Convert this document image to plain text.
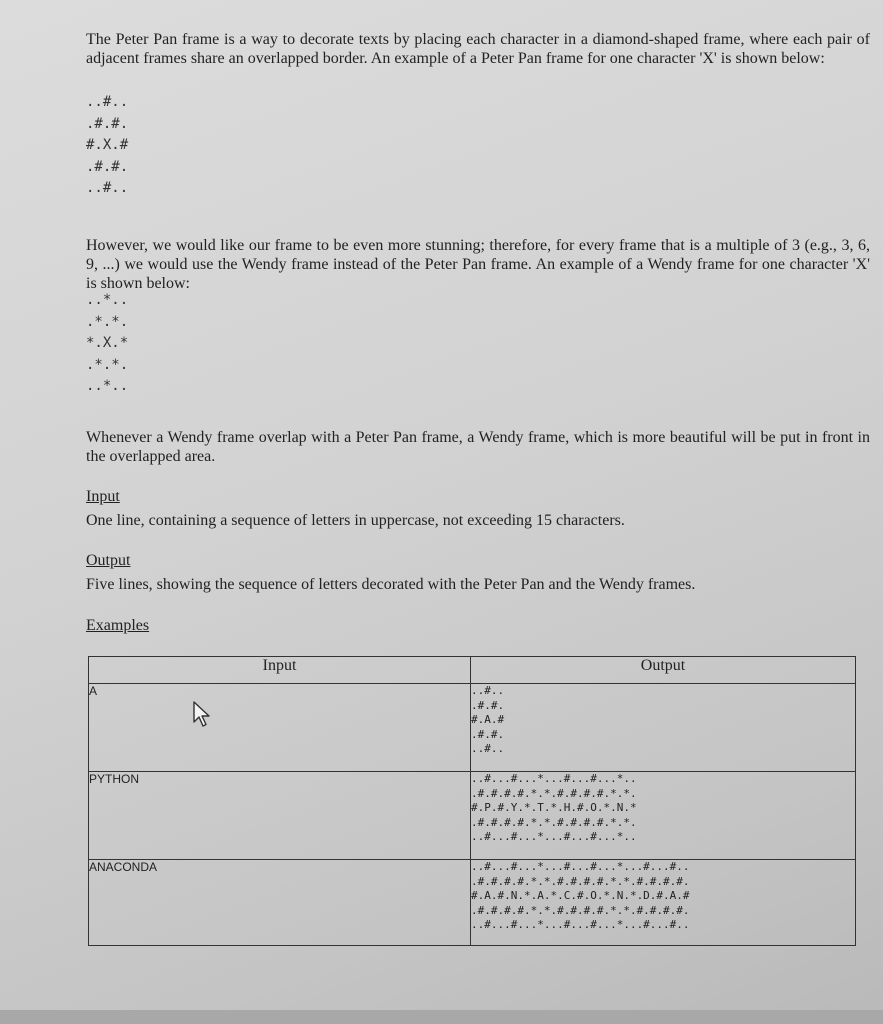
The Peter Pan frame is a way to decorate texts by placing each character in a diamond-shaped frame, where each pair of adjacent frames share an overlapped border. An example of a Peter Pan frame for one character 'X' is shown below:
..#..
.#.#.
#.X.#
.#.#.
..#..
However, we would like our frame to be even more stunning; therefore, for every frame that is a multiple of 3 (e.g., 3, 6, 9, ...) we would use the Wendy frame instead of the Peter Pan frame. An example of a Wendy frame for one character 'X' is shown below:
..*..
.*.*.
*.X.*
.*.*.
..*..
Whenever a Wendy frame overlap with a Peter Pan frame, a Wendy frame, which is more beautiful will be put in front in the overlapped area.
Input
One line, containing a sequence of letters in uppercase, not exceeding 15 characters.
Output
Five lines, showing the sequence of letters decorated with the Peter Pan and the Wendy frames.
Examples
Input	Output
A	..#..
.#.#.
#.A.#
.#.#.
..#..
PYTHON	..#...#...*...#...#...*..
.#.#.#.#.*.*.#.#.#.#.*.*.
#.P.#.Y.*.T.*.H.#.O.*.N.*
.#.#.#.#.*.*.#.#.#.#.*.*.
..#...#...*...#...#...*..
ANACONDA	..#...#...*...#...#...*...#...#..
.#.#.#.#.*.*.#.#.#.#.*.*.#.#.#.#.
#.A.#.N.*.A.*.C.#.O.*.N.*.D.#.A.#
.#.#.#.#.*.*.#.#.#.#.*.*.#.#.#.#.
..#...#...*...#...#...*...#...#..
